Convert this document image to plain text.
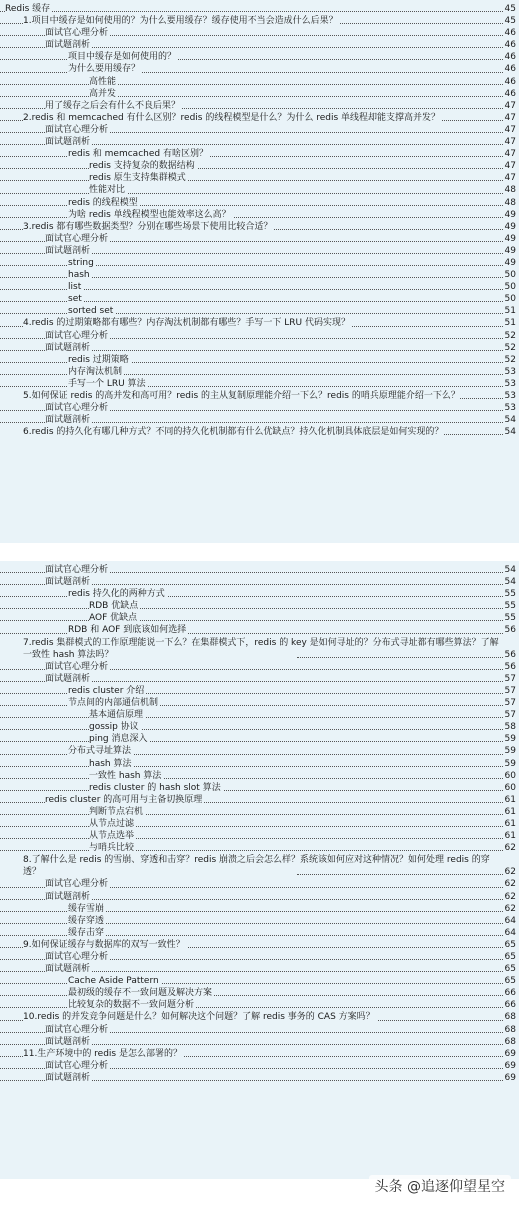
Redis 缓存	45
1.项目中缓存是如何使用的？为什么要用缓存？缓存使用不当会造成什么后果？	45
面试官心理分析	46
面试题剖析	46
项目中缓存是如何使用的？	46
为什么要用缓存？	46
高性能	46
高并发	46
用了缓存之后会有什么不良后果？	47
2.redis 和 memcached 有什么区别？redis 的线程模型是什么？为什么 redis 单线程却能支撑高并发？	47
面试官心理分析	47
面试题剖析	47
redis 和 memcached 有啥区别？	47
redis 支持复杂的数据结构	47
redis 原生支持集群模式	47
性能对比	48
redis 的线程模型	48
为啥 redis 单线程模型也能效率这么高？	49
3.redis 都有哪些数据类型？分别在哪些场景下使用比较合适？	49
面试官心理分析	49
面试题剖析	49
string	49
hash	50
list	50
set	50
sorted set	51
4.redis 的过期策略都有哪些？内存淘汰机制都有哪些？手写一下 LRU 代码实现？	51
面试官心理分析	52
面试题剖析	52
redis 过期策略	52
内存淘汰机制	53
手写一个 LRU 算法	53
5.如何保证 redis 的高并发和高可用？redis 的主从复制原理能介绍一下么？redis 的哨兵原理能介绍一下么？	53
面试官心理分析	53
面试题剖析	54
6.redis 的持久化有哪几种方式？不同的持久化机制都有什么优缺点？持久化机制具体底层是如何实现的？	54
面试官心理分析	54
面试题剖析	54
redis 持久化的两种方式	55
RDB 优缺点	55
AOF 优缺点	55
RDB 和 AOF 到底该如何选择	56
7.redis 集群模式的工作原理能说一下么？在集群模式下，redis 的 key 是如何寻址的？分布式寻址都有哪些算法？了解一致性 hash 算法吗？	56
面试官心理分析	56
面试题剖析	57
redis cluster 介绍	57
节点间的内部通信机制	57
基本通信原理	57
gossip 协议	58
ping 消息深入	59
分布式寻址算法	59
hash 算法	59
一致性 hash 算法	60
redis cluster 的 hash slot 算法	60
redis cluster 的高可用与主备切换原理	61
判断节点宕机	61
从节点过滤	61
从节点选举	61
与哨兵比较	62
8.了解什么是 redis 的雪崩、穿透和击穿？redis 崩溃之后会怎么样？系统该如何应对这种情况？如何处理 redis 的穿透？	62
面试官心理分析	62
面试题剖析	62
缓存雪崩	62
缓存穿透	64
缓存击穿	64
9.如何保证缓存与数据库的双写一致性？	65
面试官心理分析	65
面试题剖析	65
Cache Aside Pattern	65
最初级的缓存不一致问题及解决方案	66
比较复杂的数据不一致问题分析	66
10.redis 的并发竞争问题是什么？如何解决这个问题？了解 redis 事务的 CAS 方案吗？	68
面试官心理分析	68
面试题剖析	68
11.生产环境中的 redis 是怎么部署的？	69
面试官心理分析	69
面试题剖析	69
头条 @追逐仰望星空
